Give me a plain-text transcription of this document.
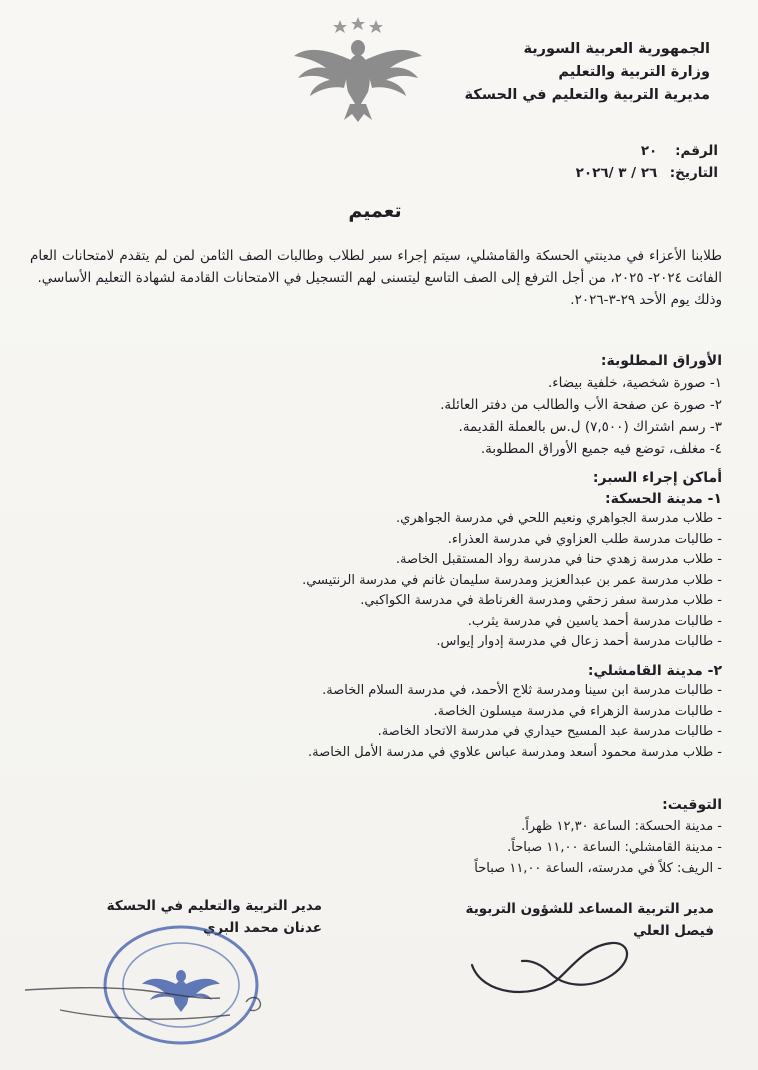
الجمهورية العربية السورية
وزارة التربية والتعليم
مديرية التربية والتعليم في الحسكة
الرقم: ٢٠
التاريخ: ٢٦ / ٣ /٢٠٢٦
تعميم
طلابنا الأعزاء في مدينتي الحسكة والقامشلي، سيتم إجراء سبر لطلاب وطالبات الصف الثامن لمن لم يتقدم لامتحانات العام الفائت ٢٠٢٤- ٢٠٢٥، من أجل الترفع إلى الصف التاسع ليتسنى لهم التسجيل في الامتحانات القادمة لشهادة التعليم الأساسي.
وذلك يوم الأحد ٢٩-٣-٢٠٢٦.
الأوراق المطلوبة:
١- صورة شخصية، خلفية بيضاء.
٢- صورة عن صفحة الأب والطالب من دفتر العائلة.
٣- رسم اشتراك (٧,٥٠٠) ل.س بالعملة القديمة.
٤- مغلف، توضع فيه جميع الأوراق المطلوبة.
أماكن إجراء السبر:
١- مدينة الحسكة:
- طلاب مدرسة الجواهري ونعيم اللحي في مدرسة الجواهري.
- طالبات مدرسة طلب العزاوي في مدرسة العذراء.
- طلاب مدرسة زهدي حنا في مدرسة رواد المستقبل الخاصة.
- طلاب مدرسة عمر بن عبدالعزيز ومدرسة سليمان غانم في مدرسة الرنتيسي.
- طلاب مدرسة سفر زحقي ومدرسة الغرناطة في مدرسة الكواكبي.
- طالبات مدرسة أحمد ياسين في مدرسة يثرب.
- طالبات مدرسة أحمد زعال في مدرسة إدوار إيواس.
٢- مدينة القامشلي:
- طالبات مدرسة ابن سينا ومدرسة ثلاج الأحمد، في مدرسة السلام الخاصة.
- طالبات مدرسة الزهراء في مدرسة ميسلون الخاصة.
- طالبات مدرسة عبد المسيح حيداري في مدرسة الاتحاد الخاصة.
- طلاب مدرسة محمود أسعد ومدرسة عباس علاوي في مدرسة الأمل الخاصة.
التوقيت:
- مدينة الحسكة: الساعة ١٢,٣٠ ظهراً.
- مدينة القامشلي: الساعة ١١,٠٠ صباحاً.
- الريف: كلاً في مدرسته، الساعة ١١,٠٠ صباحاً
مدير التربية المساعد للشؤون التربوية
فيصل العلي
مدير التربية والتعليم في الحسكة
عدنان محمد البري
